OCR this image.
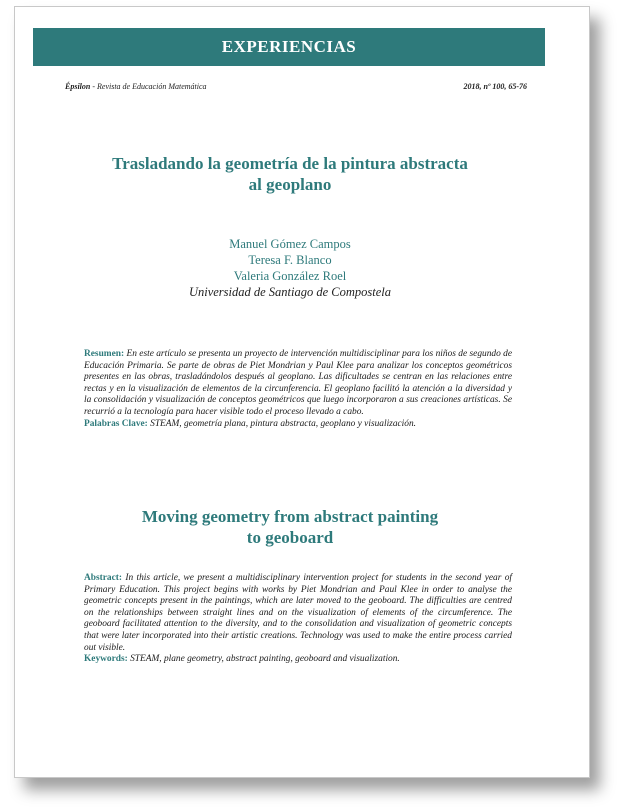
EXPERIENCIAS
Épsilon - Revista de Educación Matemática	2018, nº 100, 65-76
Trasladando la geometría de la pintura abstracta
al geoplano
Manuel Gómez Campos
Teresa F. Blanco
Valeria González Roel
Universidad de Santiago de Compostela
Resumen: En este artículo se presenta un proyecto de intervención multidisciplinar para los niños de segundo de Educación Primaria. Se parte de obras de Piet Mondrian y Paul Klee para analizar los conceptos geométricos presentes en las obras, trasladándolos después al geoplano. Las dificultades se centran en las relaciones entre rectas y en la visualización de elementos de la circunferencia. El geoplano facilitó la atención a la diversidad y la consolidación y visualización de conceptos geométricos que luego incorporaron a sus creaciones artísticas. Se recurrió a la tecnología para hacer visible todo el proceso llevado a cabo.
Palabras Clave: STEAM, geometría plana, pintura abstracta, geoplano y visualización.
Moving geometry from abstract painting
to geoboard
Abstract: In this article, we present a multidisciplinary intervention project for students in the second year of Primary Education. This project begins with works by Piet Mondrian and Paul Klee in order to analyse the geometric concepts present in the paintings, which are later moved to the geoboard. The difficulties are centred on the relationships between straight lines and on the visualization of elements of the circumference. The geoboard facilitated attention to the diversity, and to the consolidation and visualization of geometric concepts that were later incorporated into their artistic creations. Technology was used to make the entire process carried out visible.
Keywords: STEAM, plane geometry, abstract painting, geoboard and visualization.
